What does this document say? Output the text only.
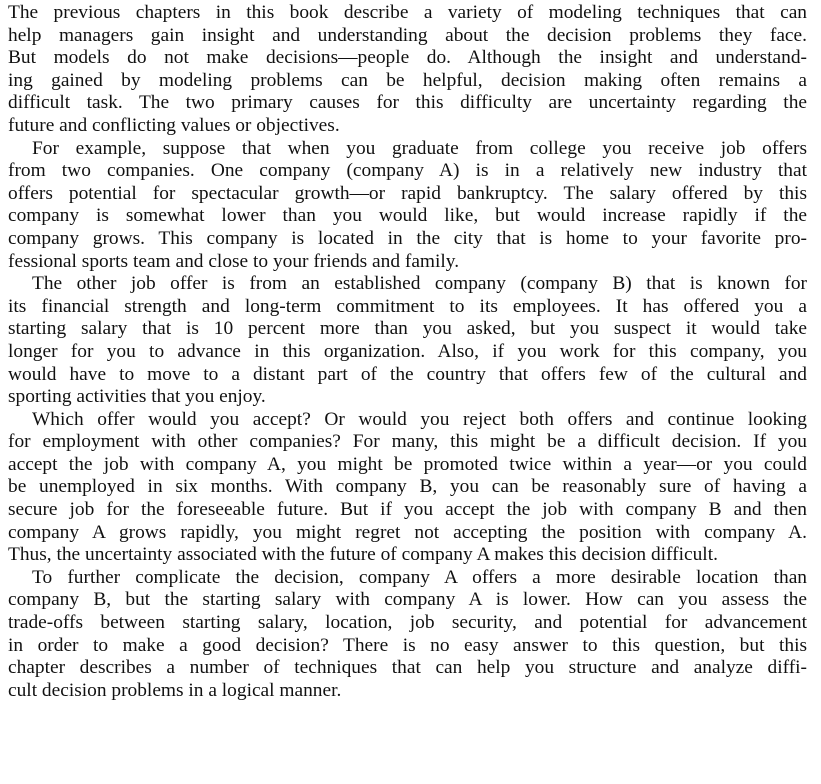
The previous chapters in this book describe a variety of modeling techniques that can
help managers gain insight and understanding about the decision problems they face.
But models do not make decisions—people do. Although the insight and understand-
ing gained by modeling problems can be helpful, decision making often remains a
difficult task. The two primary causes for this difficulty are uncertainty regarding the
future and conflicting values or objectives.

For example, suppose that when you graduate from college you receive job offers
from two companies. One company (company A) is in a relatively new industry that
offers potential for spectacular growth—or rapid bankruptcy. The salary offered by this
company is somewhat lower than you would like, but would increase rapidly if the
company grows. This company is located in the city that is home to your favorite pro-
fessional sports team and close to your friends and family.

The other job offer is from an established company (company B) that is known for
its financial strength and long-term commitment to its employees. It has offered you a
starting salary that is 10 percent more than you asked, but you suspect it would take
longer for you to advance in this organization. Also, if you work for this company, you
would have to move to a distant part of the country that offers few of the cultural and
sporting activities that you enjoy.

Which offer would you accept? Or would you reject both offers and continue looking
for employment with other companies? For many, this might be a difficult decision. If you
accept the job with company A, you might be promoted twice within a year—or you could
be unemployed in six months. With company B, you can be reasonably sure of having a
secure job for the foreseeable future. But if you accept the job with company B and then
company A grows rapidly, you might regret not accepting the position with company A.
Thus, the uncertainty associated with the future of company A makes this decision difficult.

To further complicate the decision, company A offers a more desirable location than
company B, but the starting salary with company A is lower. How can you assess the
trade-offs between starting salary, location, job security, and potential for advancement
in order to make a good decision? There is no easy answer to this question, but this
chapter describes a number of techniques that can help you structure and analyze diffi-
cult decision problems in a logical manner.
